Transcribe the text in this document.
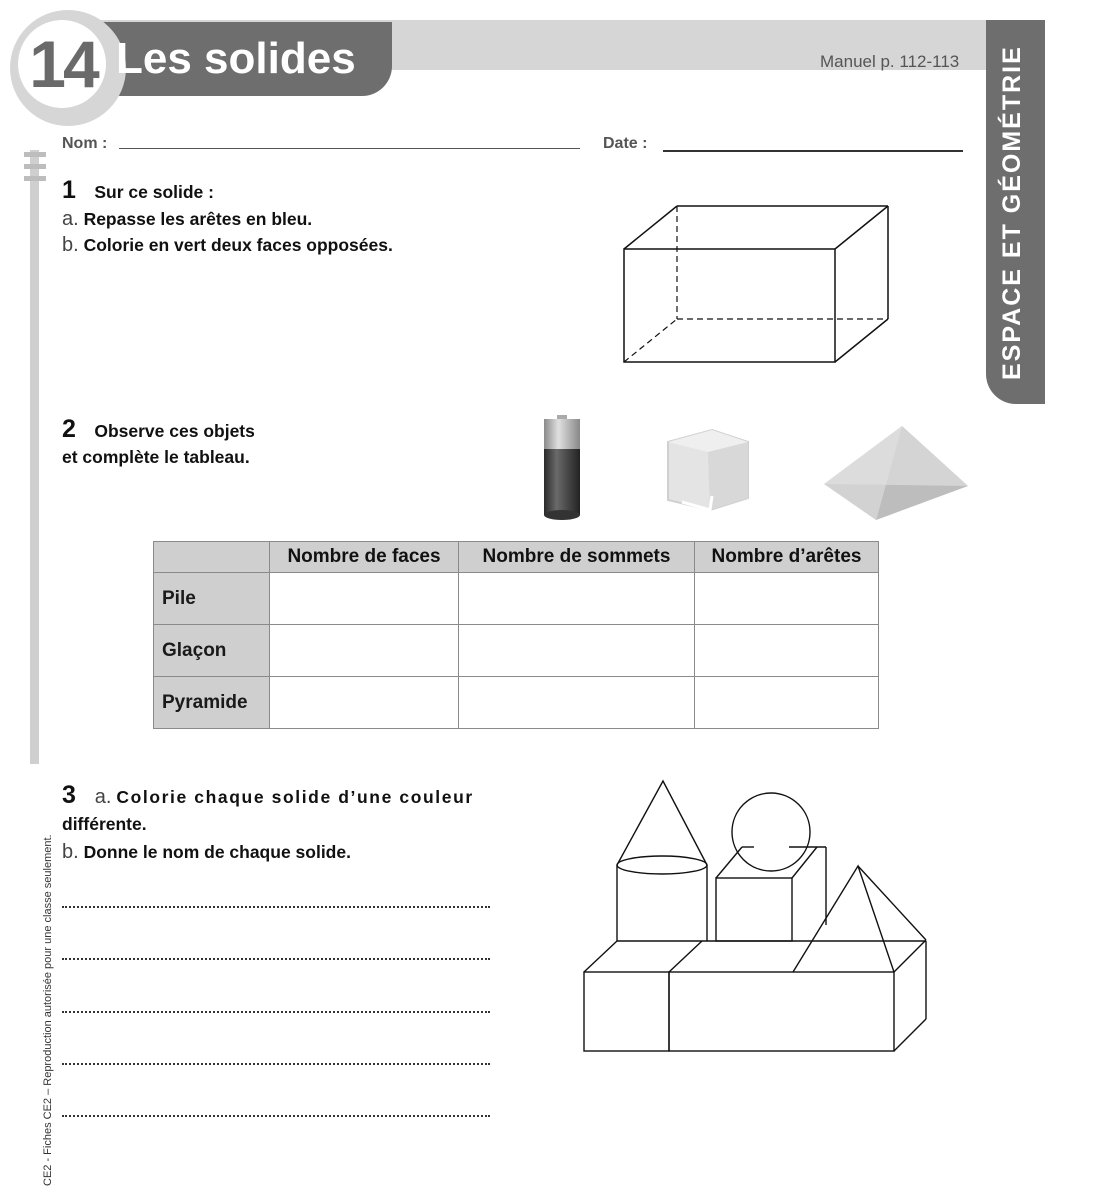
14 Les solides	Manuel p. 112-113 ESPACE ET GÉOMÉTRIE
CE2 - Fiches CE2 – Reproduction autorisée pour une classe seulement.
Nom :	Date :
1 Sur ce solide :
a. Repasse les arêtes en bleu.
b. Colorie en vert deux faces opposées.
2 Observe ces objets
et complète le tableau.
	Nombre de faces	Nombre de sommets	Nombre d’arêtes
Pile			
Glaçon			
Pyramide			
3 a. Colorie chaque solide d’une couleur
différente.
b. Donne le nom de chaque solide.
